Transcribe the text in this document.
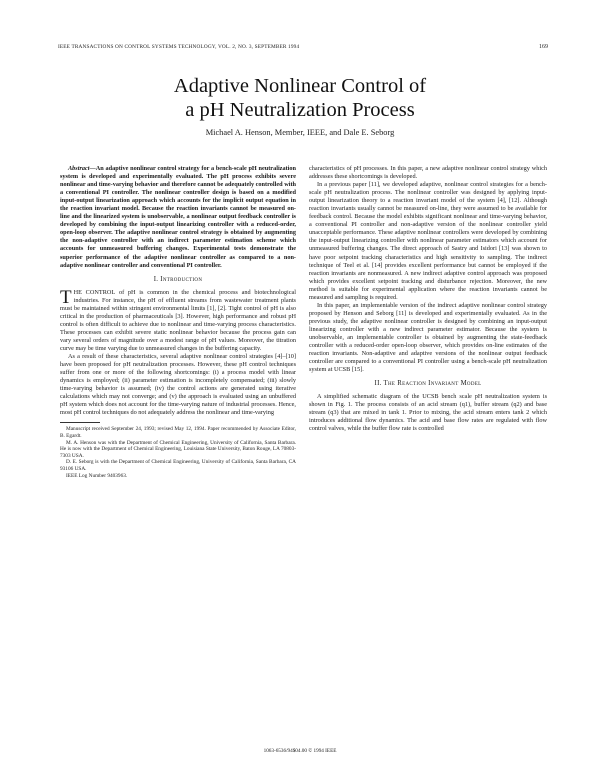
IEEE TRANSACTIONS ON CONTROL SYSTEMS TECHNOLOGY, VOL. 2, NO. 3, SEPTEMBER 1994	169
Adaptive Nonlinear Control of
a pH Neutralization Process
Michael A. Henson, Member, IEEE, and Dale E. Seborg

Abstract—An adaptive nonlinear control strategy for a bench-scale pH neutralization system is developed and experimentally evaluated. The pH process exhibits severe nonlinear and time-varying behavior and therefore cannot be adequately controlled with a conventional PI controller. The nonlinear controller design is based on a modified input-output linearization approach which accounts for the implicit output equation in the reaction invariant model. Because the reaction invariants cannot be measured on-line and the linearized system is unobservable, a nonlinear output feedback controller is developed by combining the input-output linearizing controller with a reduced-order, open-loop observer. The adaptive nonlinear control strategy is obtained by augmenting the non-adaptive controller with an indirect parameter estimation scheme which accounts for unmeasured buffering changes. Experimental tests demonstrate the superior performance of the adaptive nonlinear controller as compared to a non-adaptive nonlinear controller and conventional PI controller.

I. Introduction

THE CONTROL of pH is common in the chemical process and biotechnological industries. For instance, the pH of effluent streams from wastewater treatment plants must be maintained within stringent environmental limits [1], [2]. Tight control of pH is also critical in the production of pharmaceuticals [3]. However, high performance and robust pH control is often difficult to achieve due to nonlinear and time-varying process characteristics. These processes can exhibit severe static nonlinear behavior because the process gain can vary several orders of magnitude over a modest range of pH values. Moreover, the titration curve may be time varying due to unmeasured changes in the buffering capacity.

As a result of these characteristics, several adaptive nonlinear control strategies [4]–[10] have been proposed for pH neutralization processes. However, these pH control techniques suffer from one or more of the following shortcomings: (i) a process model with linear dynamics is employed; (ii) parameter estimation is incompletely compensated; (iii) slowly time-varying behavior is assumed; (iv) the control actions are generated using iterative calculations which may not converge; and (v) the approach is evaluated using an unbuffered pH system which does not account for the time-varying nature of industrial processes. Hence, most pH control techniques do not adequately address the nonlinear and time-varying

Manuscript received September 24, 1993; revised May 12, 1994. Paper recommended by Associate Editor, B. Egardt.
M. A. Henson was with the Department of Chemical Engineering, University of California, Santa Barbara. He is now with the Department of Chemical Engineering, Louisiana State University, Baton Rouge, LA 70803-7303 USA.
D. E. Seborg is with the Department of Chemical Engineering, University of California, Santa Barbara, CA 93106 USA.
IEEE Log Number 9403963.

characteristics of pH processes. In this paper, a new adaptive nonlinear control strategy which addresses these shortcomings is developed.

In a previous paper [11], we developed adaptive, nonlinear control strategies for a bench-scale pH neutralization process. The nonlinear controller was designed by applying input-output linearization theory to a reaction invariant model of the system [4], [12]. Although reaction invariants usually cannot be measured on-line, they were assumed to be available for feedback control. Because the model exhibits significant nonlinear and time-varying behavior, a conventional PI controller and non-adaptive version of the nonlinear controller yield unacceptable performance. These adaptive nonlinear controllers were developed by combining the input-output linearizing controller with nonlinear parameter estimators which account for unmeasured buffering changes. The direct approach of Sastry and Isidori [13] was shown to have poor setpoint tracking characteristics and high sensitivity to sampling. The indirect technique of Teel et al. [14] provides excellent performance but cannot be employed if the reaction invariants are nonmeasured. A new indirect adaptive control approach was proposed which provides excellent setpoint tracking and disturbance rejection. Moreover, the new method is suitable for experimental application where the reaction invariants cannot be measured and sampling is required.

In this paper, an implementable version of the indirect adaptive nonlinear control strategy proposed by Henson and Seborg [11] is developed and experimentally evaluated. As in the previous study, the adaptive nonlinear controller is designed by combining an input-output linearizing controller with a new indirect parameter estimator. Because the system is unobservable, an implementable controller is obtained by augmenting the state-feedback controller with a reduced-order open-loop observer, which provides on-line estimates of the reaction invariants. Non-adaptive and adaptive versions of the nonlinear output feedback controller are compared to a conventional PI controller using a bench-scale pH neutralization system at UCSB [15].

II. The Reaction Invariant Model

A simplified schematic diagram of the UCSB bench scale pH neutralization system is shown in Fig. 1. The process consists of an acid stream (q1), buffer stream (q2) and base stream (q3) that are mixed in tank 1. Prior to mixing, the acid stream enters tank 2 which introduces additional flow dynamics. The acid and base flow rates are regulated with flow control valves, while the buffer flow rate is controlled

1063-6536/94$04.00 © 1994 IEEE
